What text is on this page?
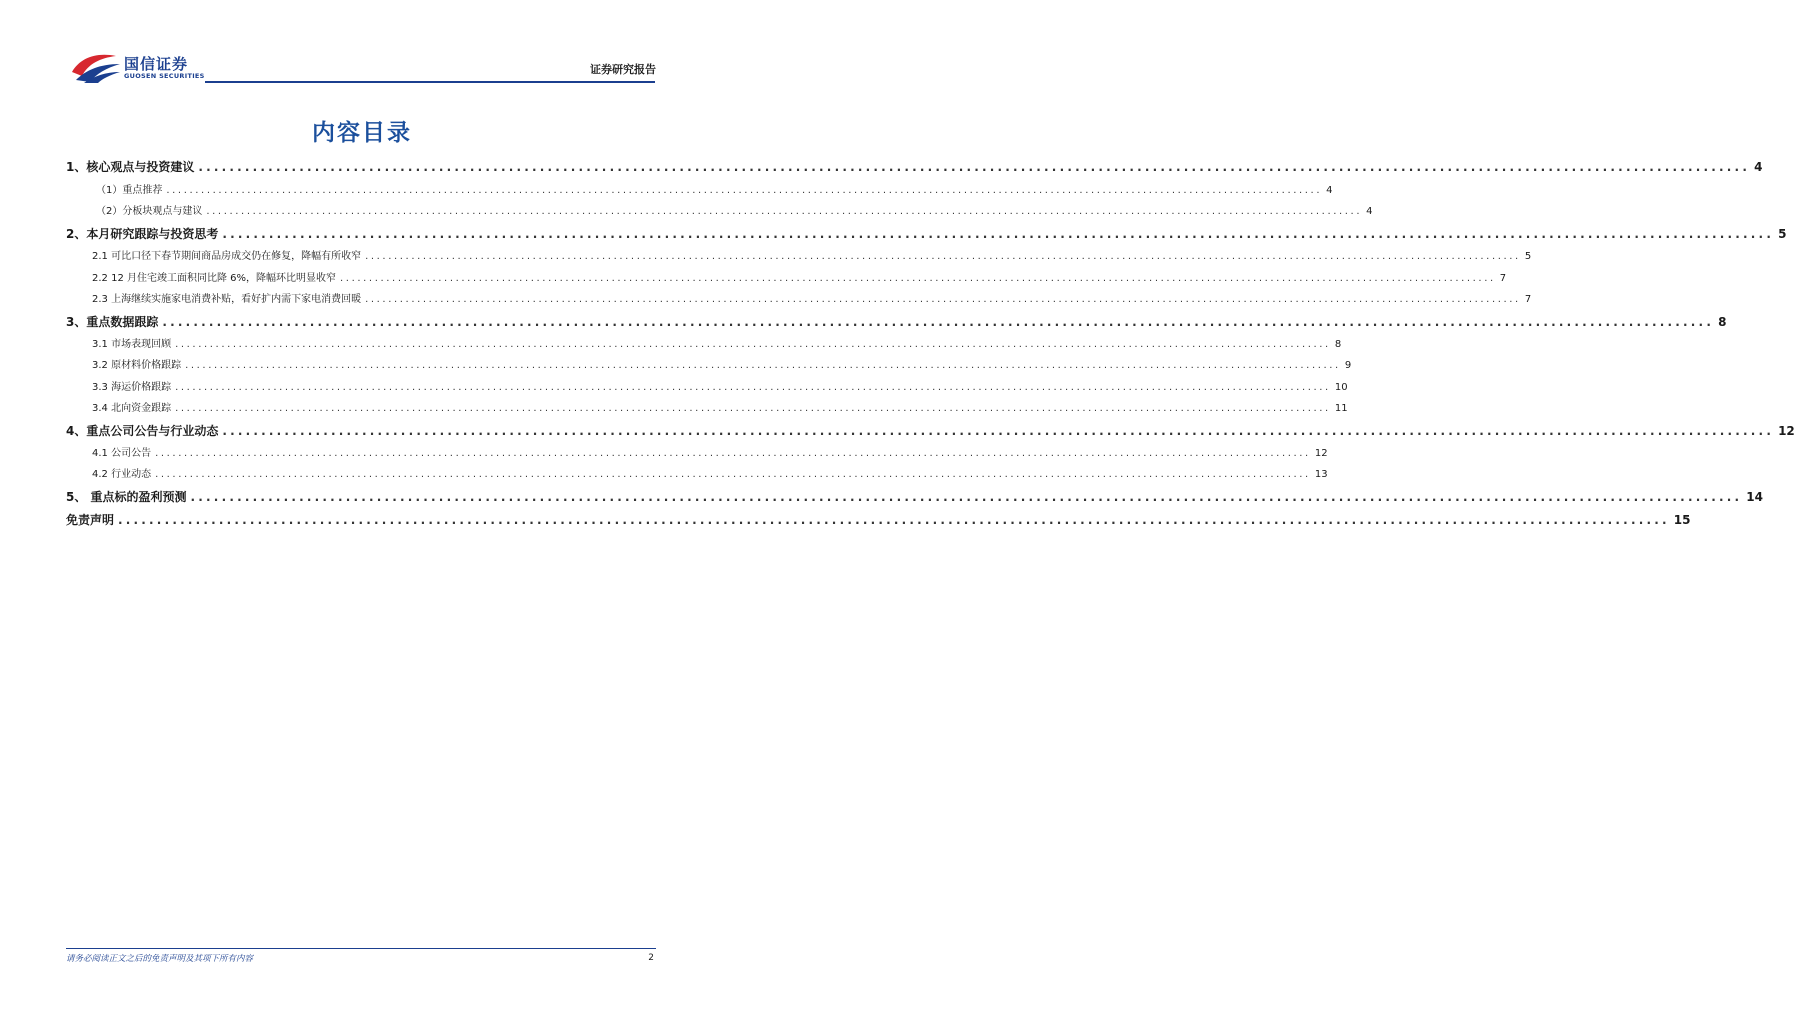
国信证券
GUOSEN SECURITIES	证券研究报告
内容目录
1、核心观点与投资建议 ........................................................................................................................................................................................................ 4
（1）重点推荐 ........................................................................................................................................................................................................ 4
（2）分板块观点与建议 ........................................................................................................................................................................................................ 4
2、本月研究跟踪与投资思考 ........................................................................................................................................................................................................ 5
2.1 可比口径下春节期间商品房成交仍在修复，降幅有所收窄 ........................................................................................................................................................................................................ 5
2.2 12 月住宅竣工面积同比降 6%，降幅环比明显收窄 ........................................................................................................................................................................................................ 7
2.3 上海继续实施家电消费补贴，看好扩内需下家电消费回暖 ........................................................................................................................................................................................................ 7
3、重点数据跟踪 ........................................................................................................................................................................................................ 8
3.1 市场表现回顾 ........................................................................................................................................................................................................ 8
3.2 原材料价格跟踪 ........................................................................................................................................................................................................ 9
3.3 海运价格跟踪 ........................................................................................................................................................................................................ 10
3.4 北向资金跟踪 ........................................................................................................................................................................................................ 11
4、重点公司公告与行业动态 ........................................................................................................................................................................................................ 12
4.1 公司公告 ........................................................................................................................................................................................................ 12
4.2 行业动态 ........................................................................................................................................................................................................ 13
5、 重点标的盈利预测 ........................................................................................................................................................................................................ 14
免责声明 ........................................................................................................................................................................................................ 15
请务必阅读正文之后的免责声明及其项下所有内容	2
